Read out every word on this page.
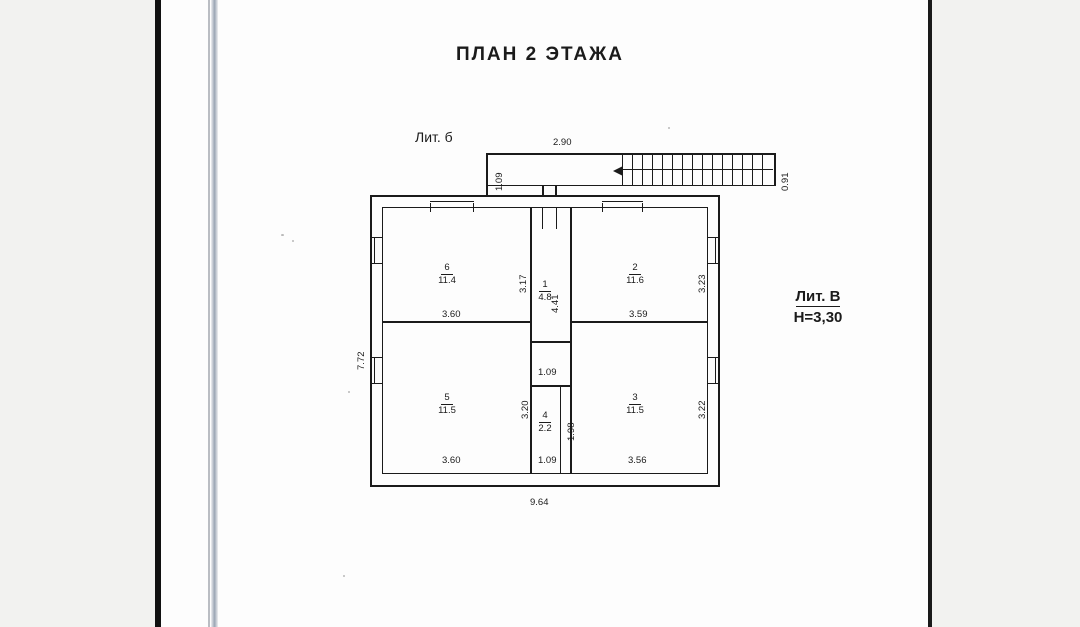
ПЛАН 2 ЭТАЖА
Лит. б
Лит. В
H=3,30
2.90
1.09	0.91
7.72
9.64
3.60
3.17
3.59
3.23
4.41
1.09
3.60
3.20
3.56
3.22
1.09
1.98
6
11.4
2
11.6
1
4.8
5
11.5
3
11.5
4
2.2
